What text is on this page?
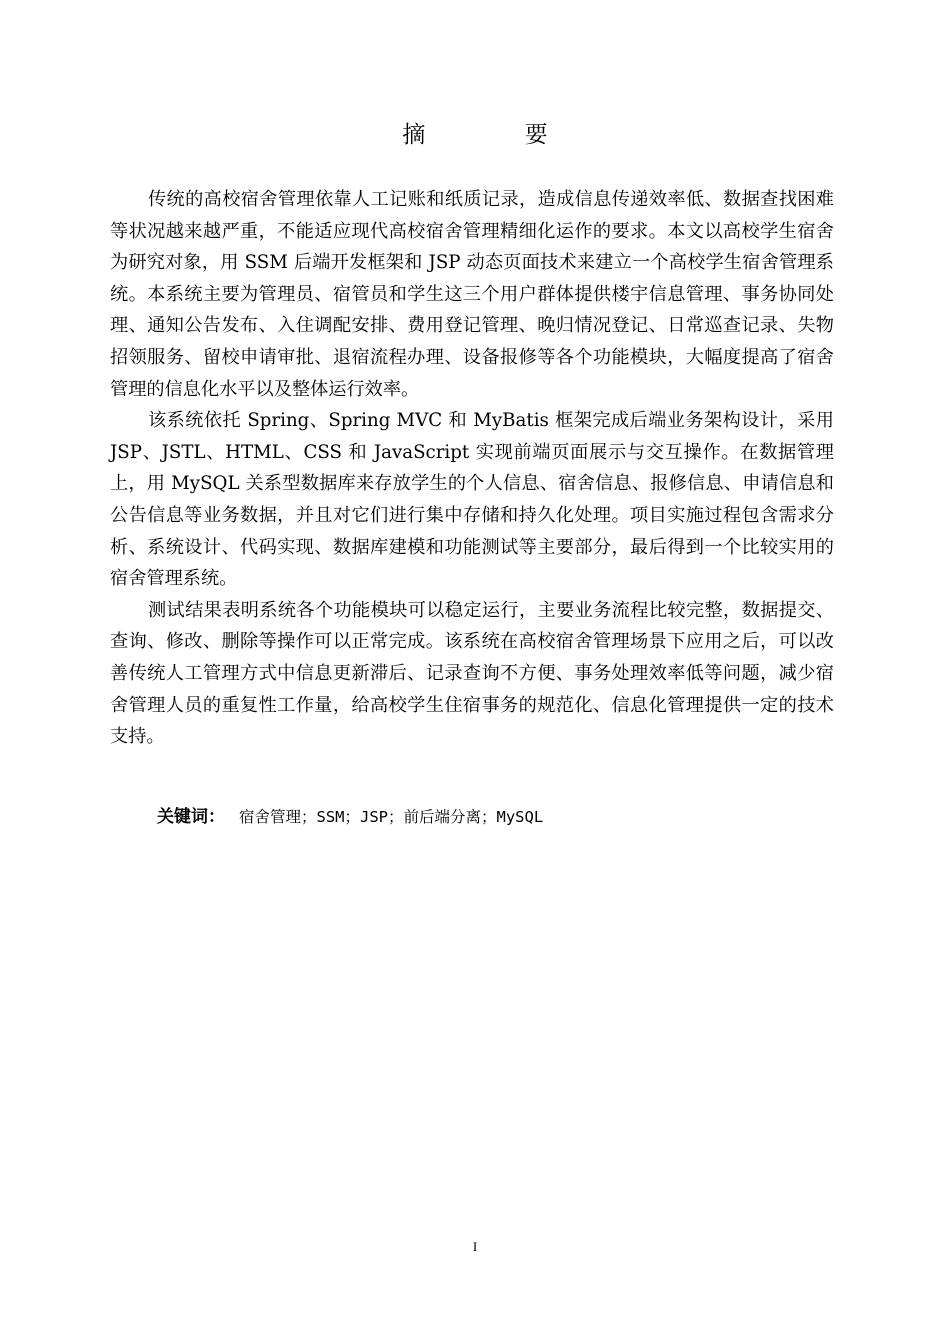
摘 要

传统的高校宿舍管理依靠人工记账和纸质记录，造成信息传递效率低、数据查找困难等状况越来越严重，不能适应现代高校宿舍管理精细化运作的要求。本文以高校学生宿舍为研究对象，用 SSM 后端开发框架和 JSP 动态页面技术来建立一个高校学生宿舍管理系统。本系统主要为管理员、宿管员和学生这三个用户群体提供楼宇信息管理、事务协同处理、通知公告发布、入住调配安排、费用登记管理、晚归情况登记、日常巡查记录、失物招领服务、留校申请审批、退宿流程办理、设备报修等各个功能模块，大幅度提高了宿舍管理的信息化水平以及整体运行效率。

该系统依托 Spring、Spring MVC 和 MyBatis 框架完成后端业务架构设计，采用 JSP、JSTL、HTML、CSS 和 JavaScript 实现前端页面展示与交互操作。在数据管理上，用 MySQL 关系型数据库来存放学生的个人信息、宿舍信息、报修信息、申请信息和公告信息等业务数据，并且对它们进行集中存储和持久化处理。项目实施过程包含需求分析、系统设计、代码实现、数据库建模和功能测试等主要部分，最后得到一个比较实用的宿舍管理系统。

测试结果表明系统各个功能模块可以稳定运行，主要业务流程比较完整，数据提交、查询、修改、删除等操作可以正常完成。该系统在高校宿舍管理场景下应用之后，可以改善传统人工管理方式中信息更新滞后、记录查询不方便、事务处理效率低等问题，减少宿舍管理人员的重复性工作量，给高校学生住宿事务的规范化、信息化管理提供一定的技术支持。

关键词： 宿舍管理；SSM；JSP；前后端分离；MySQL
I
